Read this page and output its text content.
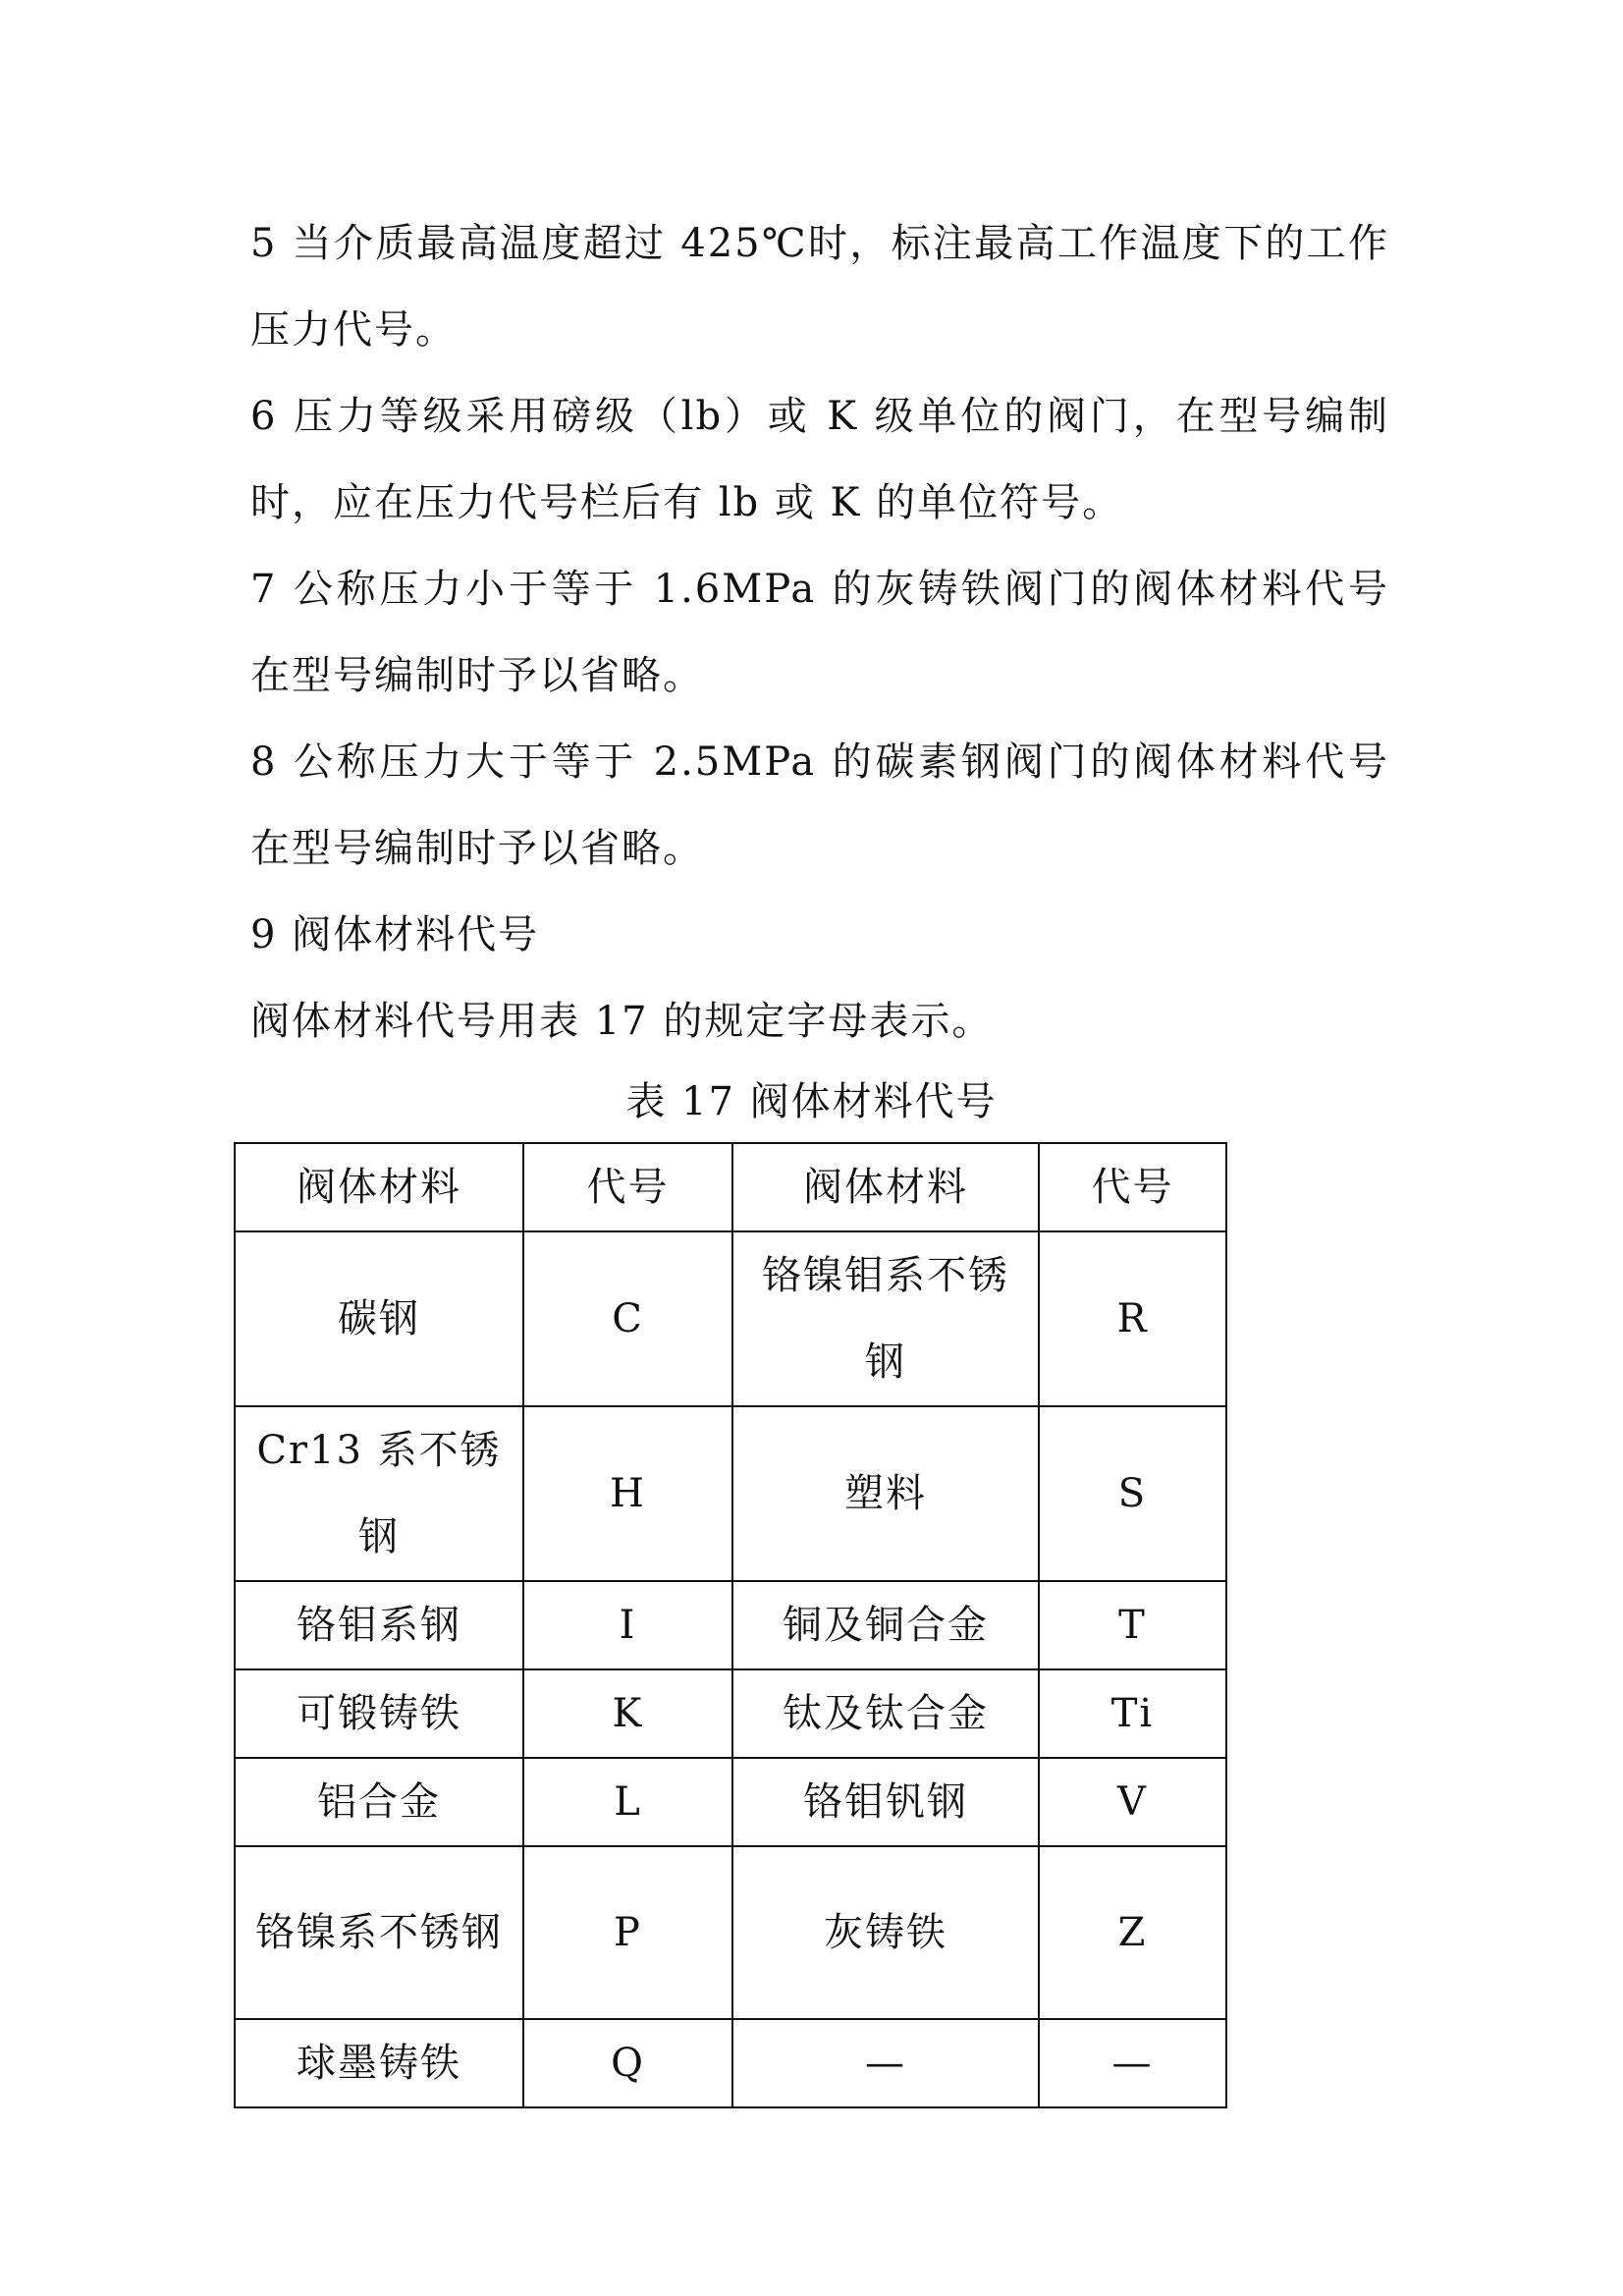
5 当介质最高温度超过 425℃时，标注最高工作温度下的工作压力代号。

6 压力等级采用磅级（lb）或 K 级单位的阀门，在型号编制时，应在压力代号栏后有 lb 或 K 的单位符号。

7 公称压力小于等于 1.6MPa 的灰铸铁阀门的阀体材料代号在型号编制时予以省略。

8 公称压力大于等于 2.5MPa 的碳素钢阀门的阀体材料代号在型号编制时予以省略。

9 阀体材料代号

阀体材料代号用表 17 的规定字母表示。

表 17 阀体材料代号
阀体材料	代号	阀体材料	代号
碳钢	C	铬镍钼系不锈钢	R
Cr13 系不锈钢	H	塑料	S
铬钼系钢	I	铜及铜合金	T
可锻铸铁	K	钛及钛合金	Ti
铝合金	L	铬钼钒钢	V
铬镍系不锈钢	P	灰铸铁	Z
球墨铸铁	Q	—	—
